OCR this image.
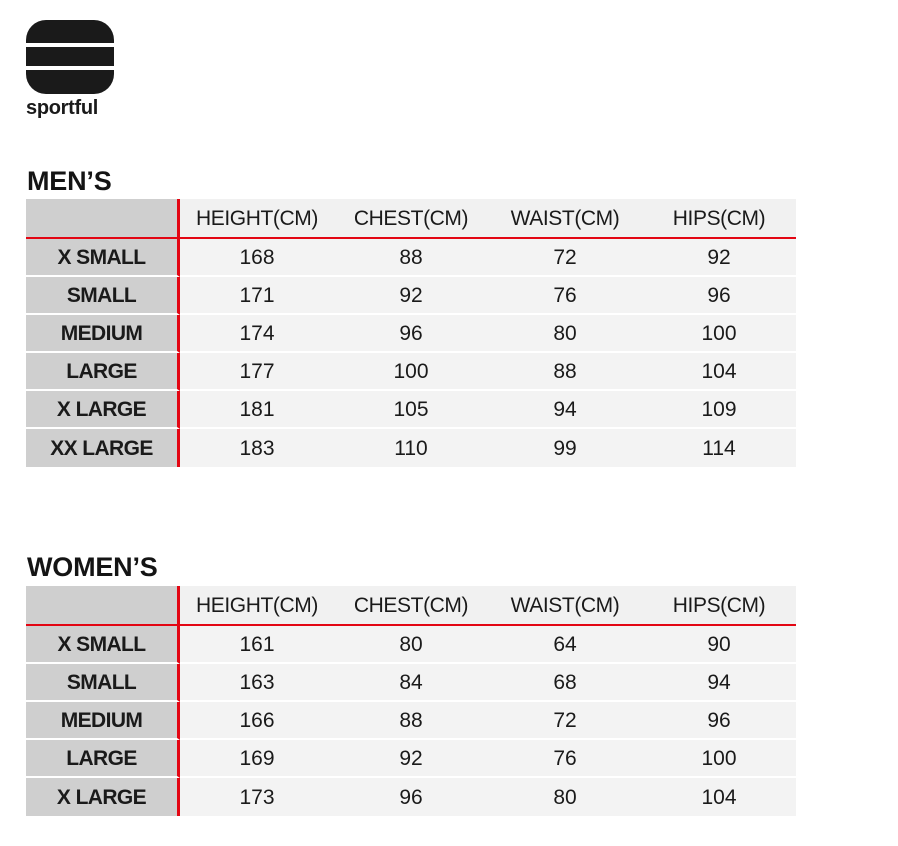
sportful
MEN’S
	HEIGHT(CM)	CHEST(CM)	WAIST(CM)	HIPS(CM)
X SMALL	168	88	72	92
SMALL	171	92	76	96
MEDIUM	174	96	80	100
LARGE	177	100	88	104
X LARGE	181	105	94	109
XX LARGE	183	110	99	114
WOMEN’S
	HEIGHT(CM)	CHEST(CM)	WAIST(CM)	HIPS(CM)
X SMALL	161	80	64	90
SMALL	163	84	68	94
MEDIUM	166	88	72	96
LARGE	169	92	76	100
X LARGE	173	96	80	104
